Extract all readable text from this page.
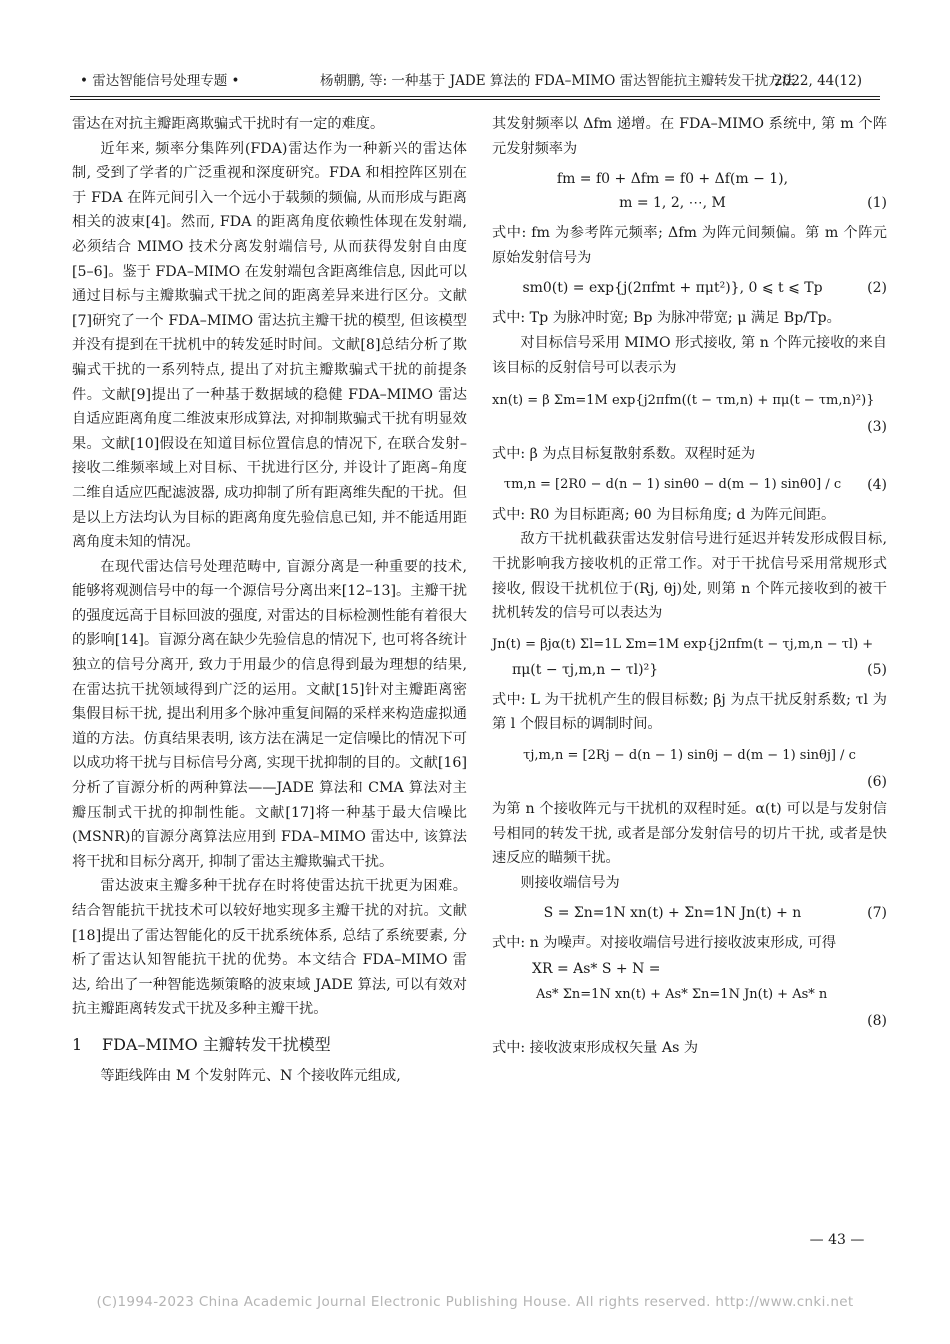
• 雷达智能信号处理专题 •	杨朝鹏, 等: 一种基于 JADE 算法的 FDA–MIMO 雷达智能抗主瓣转发干扰方法
2022, 44(12)

雷达在对抗主瓣距离欺骗式干扰时有一定的难度。

近年来, 频率分集阵列(FDA)雷达作为一种新兴的雷达体制, 受到了学者的广泛重视和深度研究。FDA 和相控阵区别在于 FDA 在阵元间引入一个远小于载频的频偏, 从而形成与距离相关的波束[4]。然而, FDA 的距离角度依赖性体现在发射端, 必须结合 MIMO 技术分离发射端信号, 从而获得发射自由度[5–6]。鉴于 FDA–MIMO 在发射端包含距离维信息, 因此可以通过目标与主瓣欺骗式干扰之间的距离差异来进行区分。文献[7]研究了一个 FDA–MIMO 雷达抗主瓣干扰的模型, 但该模型并没有提到在干扰机中的转发延时时间。文献[8]总结分析了欺骗式干扰的一系列特点, 提出了对抗主瓣欺骗式干扰的前提条件。文献[9]提出了一种基于数据域的稳健 FDA–MIMO 雷达自适应距离角度二维波束形成算法, 对抑制欺骗式干扰有明显效果。文献[10]假设在知道目标位置信息的情况下, 在联合发射–接收二维频率域上对目标、干扰进行区分, 并设计了距离–角度二维自适应匹配滤波器, 成功抑制了所有距离维失配的干扰。但是以上方法均认为目标的距离角度先验信息已知, 并不能适用距离角度未知的情况。

在现代雷达信号处理范畴中, 盲源分离是一种重要的技术, 能够将观测信号中的每一个源信号分离出来[12–13]。主瓣干扰的强度远高于目标回波的强度, 对雷达的目标检测性能有着很大的影响[14]。盲源分离在缺少先验信息的情况下, 也可将各统计独立的信号分离开, 致力于用最少的信息得到最为理想的结果, 在雷达抗干扰领域得到广泛的运用。文献[15]针对主瓣距离密集假目标干扰, 提出利用多个脉冲重复间隔的采样来构造虚拟通道的方法。仿真结果表明, 该方法在满足一定信噪比的情况下可以成功将干扰与目标信号分离, 实现干扰抑制的目的。文献[16]分析了盲源分析的两种算法——JADE 算法和 CMA 算法对主瓣压制式干扰的抑制性能。文献[17]将一种基于最大信噪比(MSNR)的盲源分离算法应用到 FDA–MIMO 雷达中, 该算法将干扰和目标分离开, 抑制了雷达主瓣欺骗式干扰。

雷达波束主瓣多种干扰存在时将使雷达抗干扰更为困难。结合智能抗干扰技术可以较好地实现多主瓣干扰的对抗。文献[18]提出了雷达智能化的反干扰系统体系, 总结了系统要素, 分析了雷达认知智能抗干扰的优势。本文结合 FDA–MIMO 雷达, 给出了一种智能选频策略的波束域 JADE 算法, 可以有效对抗主瓣距离转发式干扰及多种主瓣干扰。

1 FDA–MIMO 主瓣转发干扰模型

等距线阵由 M 个发射阵元、N 个接收阵元组成,

其发射频率以 Δfm 递增。在 FDA–MIMO 系统中, 第 m 个阵元发射频率为

fm = f0 + Δfm = f0 + Δf(m − 1),
m = 1, 2, ⋯, M	(1)

式中: fm 为参考阵元频率; Δfm 为阵元间频偏。第 m 个阵元原始发射信号为

sm0(t) = exp{j(2πfmt + πμt²)}, 0 ⩽ t ⩽ Tp	(2)

式中: Tp 为脉冲时宽; Bp 为脉冲带宽; μ 满足 Bp/Tp。

对目标信号采用 MIMO 形式接收, 第 n 个阵元接收的来自该目标的反射信号可以表示为

xn(t) = β Σm=1M exp{j2πfm((t − τm,n) + πμ(t − τm,n)²)}
(3)

式中: β 为点目标复散射系数。双程时延为

τm,n = [2R0 − d(n − 1) sinθ0 − d(m − 1) sinθ0] / c	(4)

式中: R0 为目标距离; θ0 为目标角度; d 为阵元间距。

敌方干扰机截获雷达发射信号进行延迟并转发形成假目标, 干扰影响我方接收机的正常工作。对于干扰信号采用常规形式接收, 假设干扰机位于(Rj, θj)处, 则第 n 个阵元接收到的被干扰机转发的信号可以表达为

Jn(t) = βjα(t) Σl=1L Σm=1M exp{j2πfm(t − τj,m,n − τl) +
πμ(t − τj,m,n − τl)²}	(5)

式中: L 为干扰机产生的假目标数; βj 为点干扰反射系数; τl 为第 l 个假目标的调制时间。

τj,m,n = [2Rj − d(n − 1) sinθj − d(m − 1) sinθj] / c
(6)

为第 n 个接收阵元与干扰机的双程时延。α(t) 可以是与发射信号相同的转发干扰, 或者是部分发射信号的切片干扰, 或者是快速反应的瞄频干扰。

则接收端信号为

S = Σn=1N xn(t) + Σn=1N Jn(t) + n	(7)

式中: n 为噪声。对接收端信号进行接收波束形成, 可得

XR = As* S + N =
As* Σn=1N xn(t) + As* Σn=1N Jn(t) + As* n
(8)

式中: 接收波束形成权矢量 As 为

— 43 —
(C)1994-2023 China Academic Journal Electronic Publishing House. All rights reserved. http://www.cnki.net
